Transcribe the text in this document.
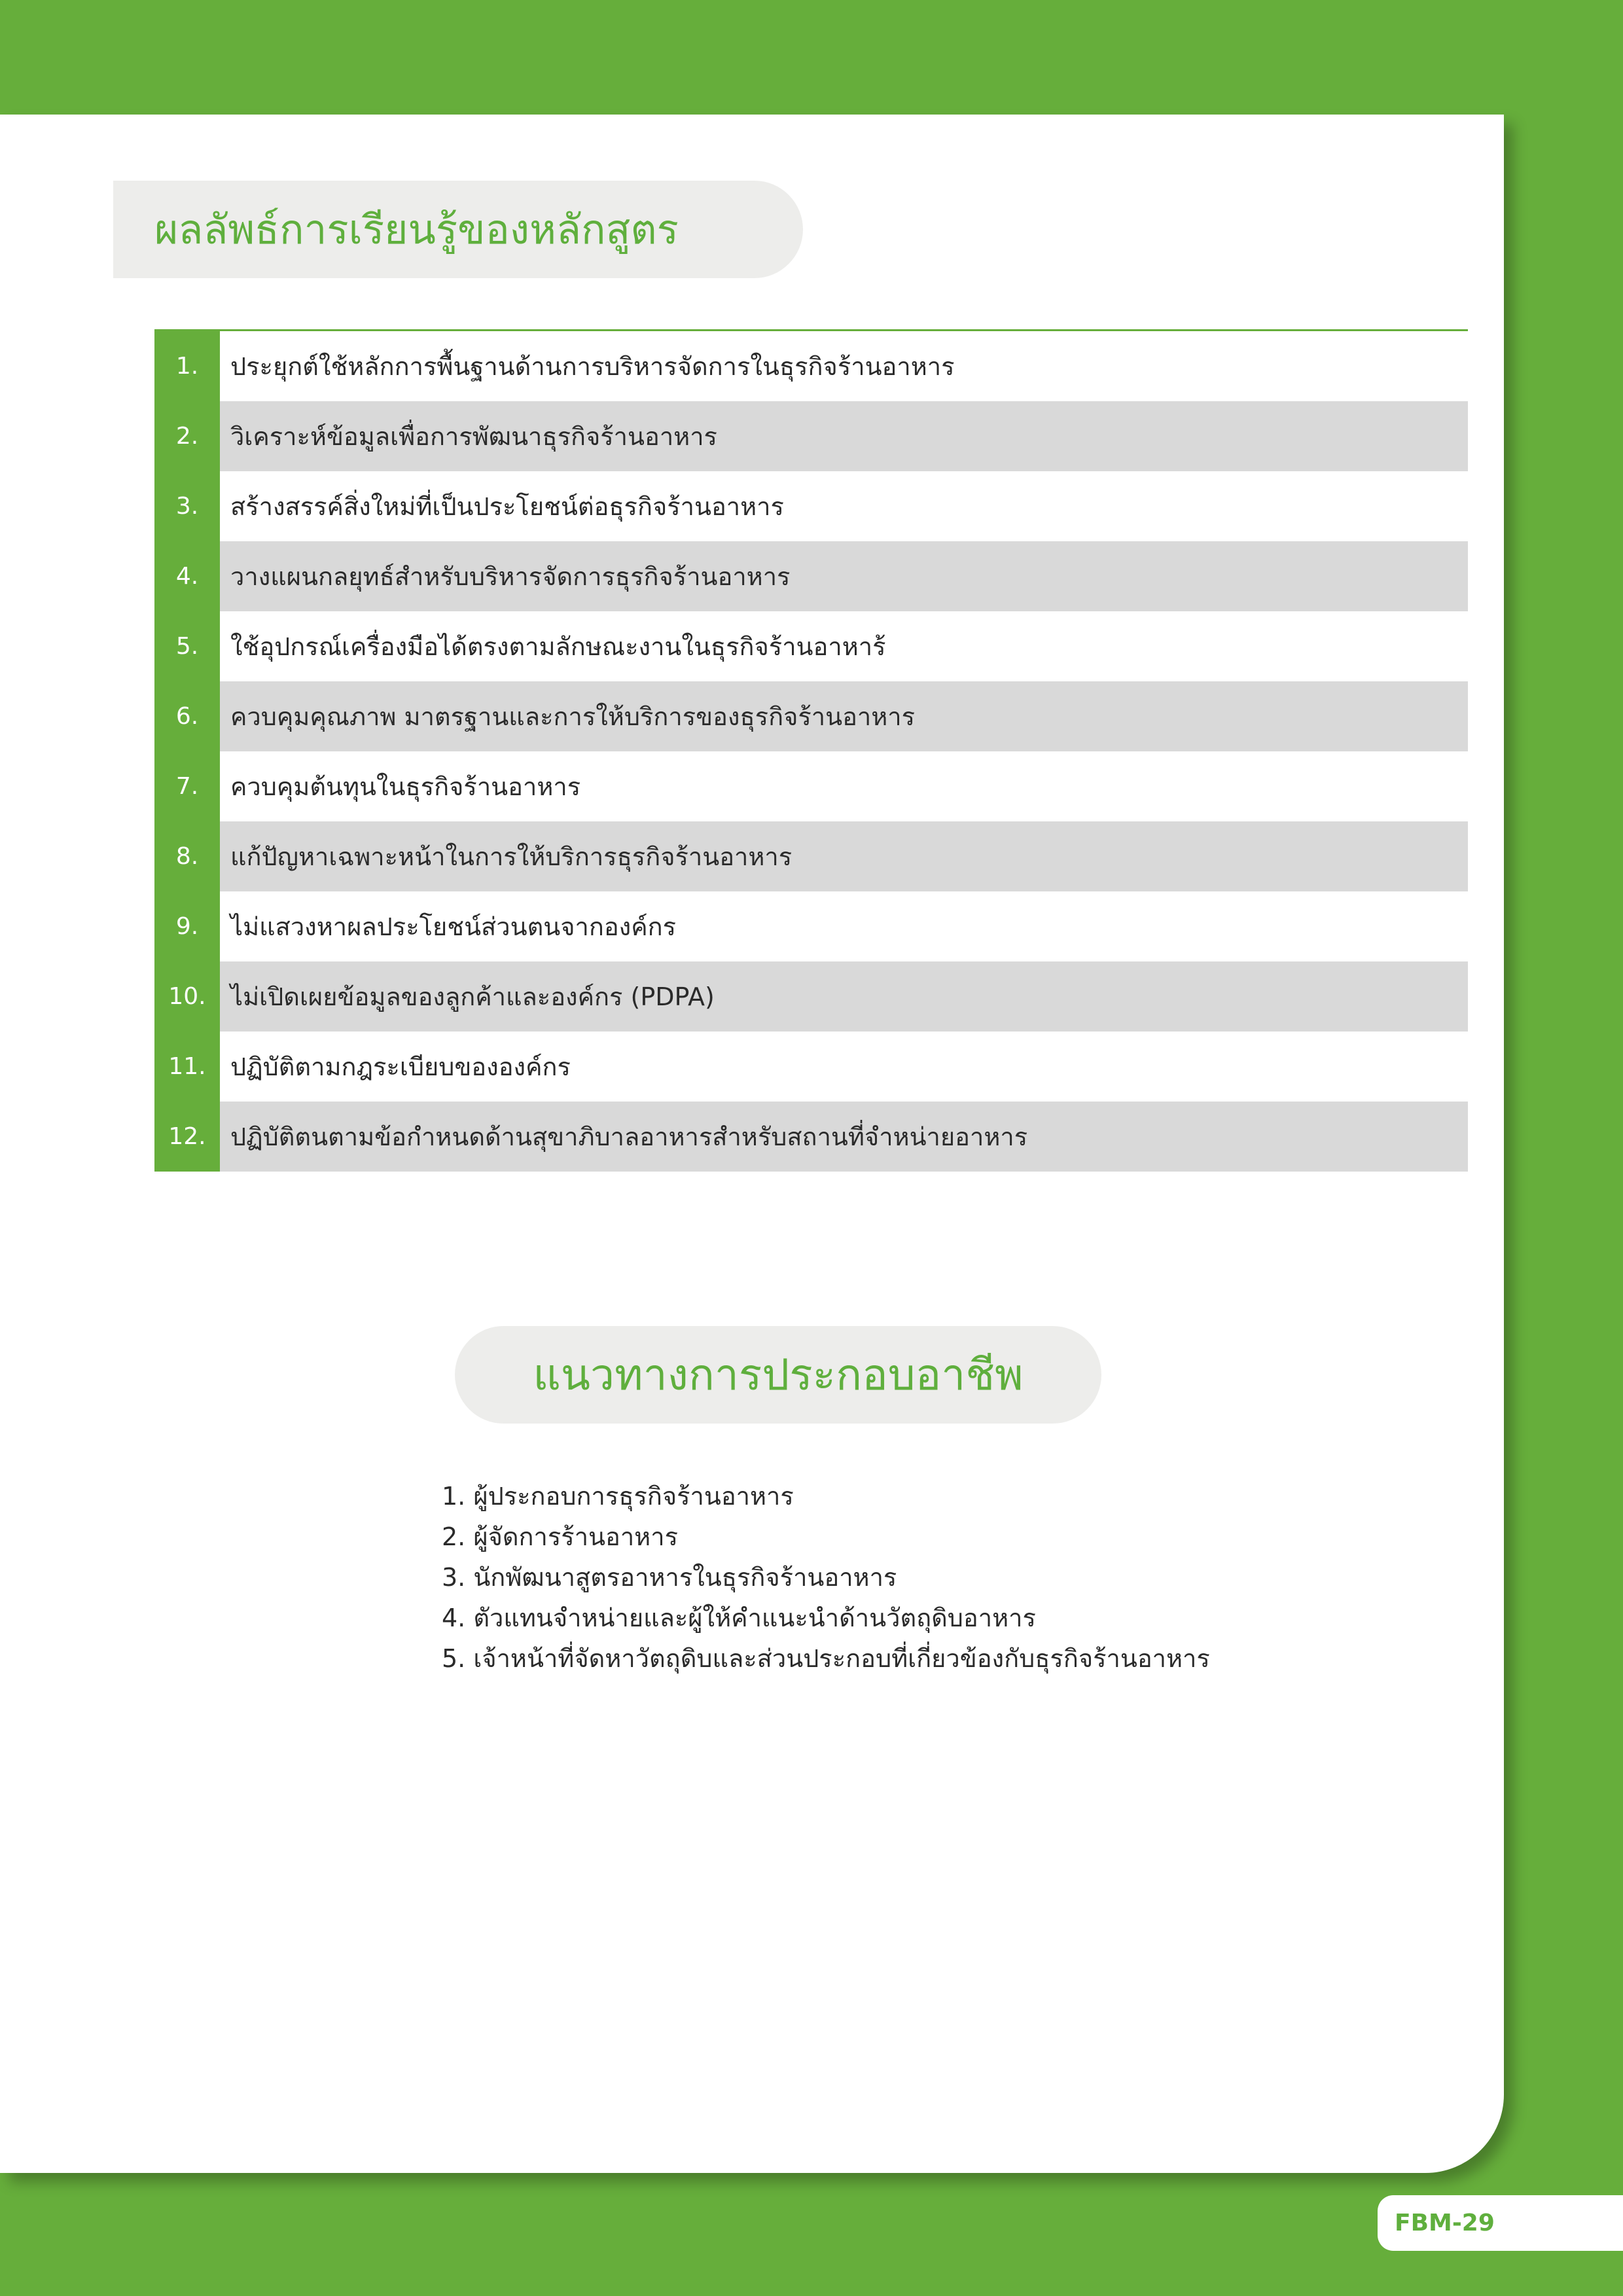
ผลลัพธ์การเรียนรู้ของหลักสูตร
1.	ประยุกต์ใช้หลักการพื้นฐานด้านการบริหารจัดการในธุรกิจร้านอาหาร
2.	วิเคราะห์ข้อมูลเพื่อการพัฒนาธุรกิจร้านอาหาร
3.	สร้างสรรค์สิ่งใหม่ที่เป็นประโยชน์ต่อธุรกิจร้านอาหาร
4.	วางแผนกลยุทธ์สำหรับบริหารจัดการธุรกิจร้านอาหาร
5.	ใช้อุปกรณ์เครื่องมือได้ตรงตามลักษณะงานในธุรกิจร้านอาหาร้
6.	ควบคุมคุณภาพ มาตรฐานและการให้บริการของธุรกิจร้านอาหาร
7.	ควบคุมต้นทุนในธุรกิจร้านอาหาร
8.	แก้ปัญหาเฉพาะหน้าในการให้บริการธุรกิจร้านอาหาร
9.	ไม่แสวงหาผลประโยชน์ส่วนตนจากองค์กร
10. ไม่เปิดเผยข้อมูลของลูกค้าและองค์กร (PDPA)
11. ปฏิบัติตามกฎระเบียบขององค์กร
12. ปฏิบัติตนตามข้อกำหนดด้านสุขาภิบาลอาหารสำหรับสถานที่จำหน่ายอาหาร
แนวทางการประกอบอาชีพ
1. ผู้ประกอบการธุรกิจร้านอาหาร
2. ผู้จัดการร้านอาหาร
3. นักพัฒนาสูตรอาหารในธุรกิจร้านอาหาร
4. ตัวแทนจำหน่ายและผู้ให้คำแนะนำด้านวัตถุดิบอาหาร
5. เจ้าหน้าที่จัดหาวัตถุดิบและส่วนประกอบที่เกี่ยวข้องกับธุรกิจร้านอาหาร
FBM-29
